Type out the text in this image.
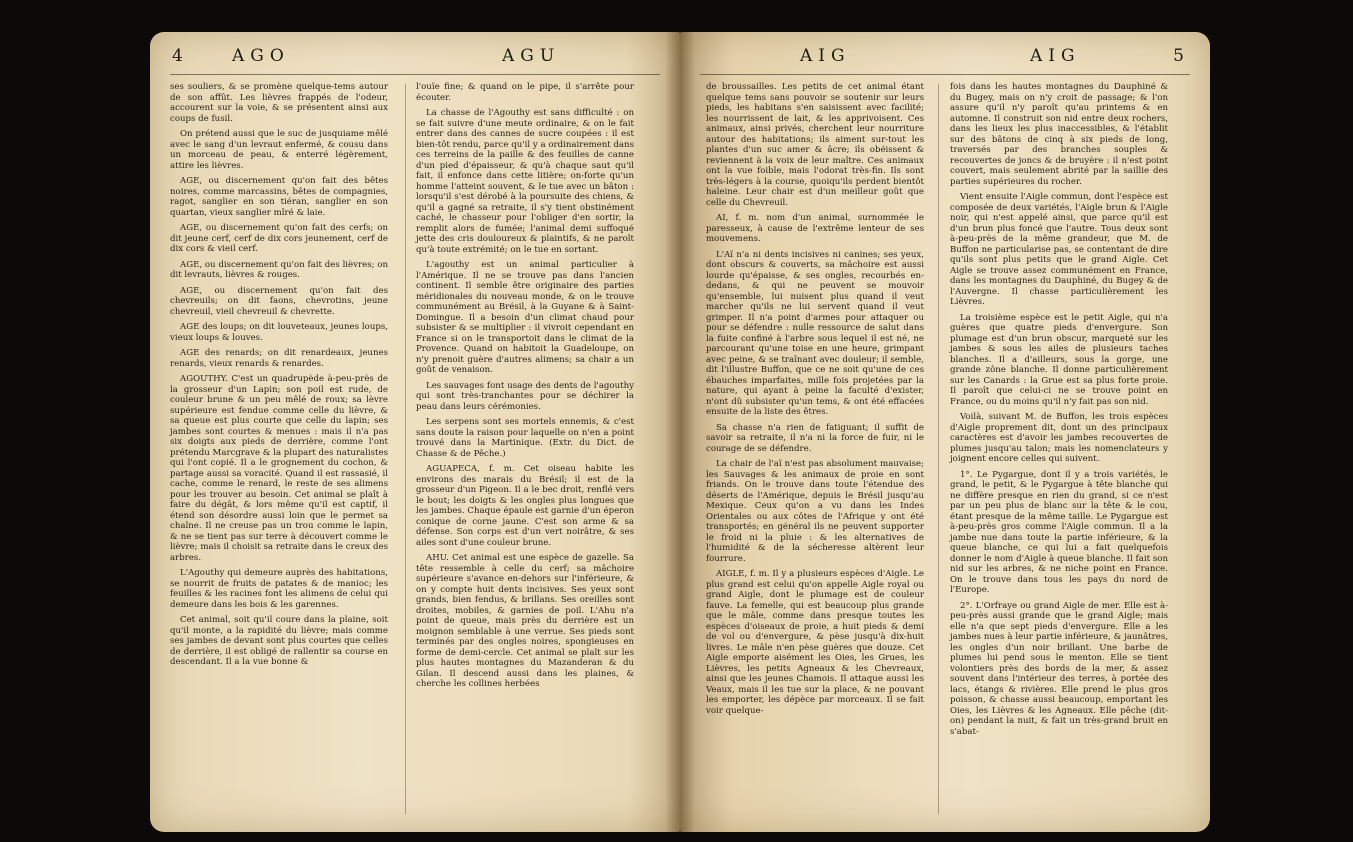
4	AGO	AGU

ses souliers, & se promène quelque-tems autour de son affût. Les lièvres frappés de l'odeur, accourent sur la voie, & se présentent ainsi aux coups de fusil.

On prétend aussi que le suc de jusquiame mêlé avec le sang d'un levraut enfermé, & cousu dans un morceau de peau, & enterré légèrement, attire les lièvres.

AGE, ou discernement qu'on fait des bêtes noires, comme marcassins, bêtes de compagnies, ragot, sanglier en son tiéran, sanglier en son quartan, vieux sanglier mîré & laie.

AGE, ou discernement qu'on fait des cerfs; on dit jeune cerf, cerf de dix cors jeunement, cerf de dix cors & vieil cerf.

AGE, ou discernement qu'on fait des lièvres; on dit levrauts, lièvres & rouges.

AGE, ou discernement qu'on fait des chevreuils; on dit faons, chevrotins, jeune chevreuil, vieil chevreuil & chevrette.

AGE des loups; on dit louveteaux, jeunes loups, vieux loups & louves.

AGE des renards; on dit renardeaux, jeunes renards, vieux renards & renardes.

AGOUTHY. C'est un quadrupède à-peu-près de la grosseur d'un Lapin; son poil est rude, de couleur brune & un peu mêlé de roux; sa lèvre supérieure est fendue comme celle du lièvre, & sa queue est plus courte que celle du lapin; ses jambes sont courtes & menues : mais il n'a pas six doigts aux pieds de derrière, comme l'ont prétendu Marcgrave & la plupart des naturalistes qui l'ont copié. Il a le grognement du cochon, & partage aussi sa voracité. Quand il est rassasié, il cache, comme le renard, le reste de ses alimens pour les trouver au besoin. Cet animal se plaît à faire du dégât, & lors même qu'il est captif, il étend son désordre aussi loin que le permet sa chaîne. Il ne creuse pas un trou comme le lapin, & ne se tient pas sur terre à découvert comme le lièvre; mais il choisit sa retraite dans le creux des arbres.

L'Agouthy qui demeure auprès des habitations, se nourrit de fruits de patates & de manioc; les feuilles & les racines font les alimens de celui qui demeure dans les bois & les garennes.

Cet animal, soit qu'il coure dans la plaine, soit qu'il monte, a la rapidité du lièvre; mais comme ses jambes de devant sont plus courtes que celles de derrière, il est obligé de rallentir sa course en descendant. Il a la vue bonne &

l'ouïe fine; & quand on le pipe, il s'arrête pour écouter.

La chasse de l'Agouthy est sans difficulté : on se fait suivre d'une meute ordinaire, & on le fait entrer dans des cannes de sucre coupées : il est bien-tôt rendu, parce qu'il y a ordinairement dans ces terreins de la paille & des feuilles de canne d'un pied d'épaisseur, & qu'à chaque saut qu'il fait, il enfonce dans cette litière; on-forte qu'un homme l'atteint souvent, & le tue avec un bâton : lorsqu'il s'est dérobé à la poursuite des chiens, & qu'il a gagné sa retraite, il s'y tient obstinément caché, le chasseur pour l'obliger d'en sortir, la remplit alors de fumée; l'animal demi suffoqué jette des cris douloureux & plaintifs, & ne paroît qu'à toute extrémité; on le tue en sortant.

L'agouthy est un animal particulier à l'Amérique. Il ne se trouve pas dans l'ancien continent. Il semble être originaire des parties méridionales du nouveau monde, & on le trouve communément au Brésil, à la Guyane & à Saint-Domingue. Il a besoin d'un climat chaud pour subsister & se multiplier : il vivroit cependant en France si on le transportoit dans le climat de la Provence. Quand on habitoit la Guadeloupe, on n'y prenoit guère d'autres alimens; sa chair a un goût de venaison.

Les sauvages font usage des dents de l'agouthy qui sont très-tranchantes pour se déchirer la peau dans leurs cérémonies.

Les serpens sont ses mortels ennemis, & c'est sans doute la raison pour laquelle on n'en a point trouvé dans la Martinique. (Extr. du Dict. de Chasse & de Pêche.)

AGUAPECA, f. m. Cet oiseau habite les environs des marais du Brésil; il est de la grosseur d'un Pigeon. Il a le bec droit, renflé vers le bout; les doigts & les ongles plus longues que les jambes. Chaque épaule est garnie d'un éperon conique de corne jaune. C'est son arme & sa défense. Son corps est d'un vert noirâtre, & ses ailes sont d'une couleur brune.

AHU. Cet animal est une espèce de gazelle. Sa tête ressemble à celle du cerf; sa mâchoire supérieure s'avance en-dehors sur l'inférieure, & on y compte huit dents incisives. Ses yeux sont grands, bien fendus, & brillans. Ses oreilles sont droites, mobiles, & garnies de poil. L'Ahu n'a point de queue, mais près du derrière est un moignon semblable à une verrue. Ses pieds sont terminés par des ongles noires, spongieuses en forme de demi-cercle. Cet animal se plaît sur les plus hautes montagnes du Mazanderan & du Gilan. Il descend aussi dans les plaines, & cherche les collines herbées

AIG	AIG	5

de broussailles. Les petits de cet animal étant quelque tems sans pouvoir se soutenir sur leurs pieds, les habitans s'en saisissent avec facilité; les nourrissent de lait, & les apprivoisent. Ces animaux, ainsi privés, cherchent leur nourriture autour des habitations; ils aiment sur-tout les plantes d'un suc amer & âcre; ils obéissent & reviennent à la voix de leur maître. Ces animaux ont la vue foible, mais l'odorat très-fin. Ils sont très-légers à la course, quoiqu'ils perdent bientôt haleine. Leur chair est d'un meilleur goût que celle du Chevreuil.

AI, f. m. nom d'un animal, surnommée le paresseux, à cause de l'extrême lenteur de ses mouvemens.

L'Aï n'a ni dents incisives ni canines; ses yeux, dont obscurs & couverts, sa mâchoire est aussi lourde qu'épaisse, & ses ongles, recourbés en-dedans, & qui ne peuvent se mouvoir qu'ensemble, lui nuisent plus quand il veut marcher qu'ils ne lui servent quand il veut grimper. Il n'a point d'armes pour attaquer ou pour se défendre : nulle ressource de salut dans la fuite confiné à l'arbre sous lequel il est né, ne parcourant qu'une toise en une heure, grimpant avec peine, & se traînant avec douleur; il semble, dit l'illustre Buffon, que ce ne soit qu'une de ces ébauches imparfaites, mille fois projetées par la nature, qui ayant à peine la faculté d'exister, n'ont dû subsister qu'un tems, & ont été effacées ensuite de la liste des êtres.

Sa chasse n'a rien de fatiguant; il suffit de savoir sa retraite, il n'a ni la force de fuir, ni le courage de se défendre.

La chair de l'aï n'est pas absolument mauvaise; les Sauvages & les animaux de proie en sont friands. On le trouve dans toute l'étendue des déserts de l'Amérique, depuis le Brésil jusqu'au Mexique. Ceux qu'on a vu dans les Indes Orientales ou aux côtes de l'Afrique y ont été transportés; en général ils ne peuvent supporter le froid ni la pluie : & les alternatives de l'humidité & de la sécheresse altèrent leur fourrure.

AIGLE, f. m. Il y a plusieurs espèces d'Aigle. Le plus grand est celui qu'on appelle Aigle royal ou grand Aigle, dont le plumage est de couleur fauve. La femelle, qui est beaucoup plus grande que le mâle, comme dans presque toutes les espèces d'oiseaux de proie, a huit pieds & demi de vol ou d'envergure, & pèse jusqu'à dix-huit livres. Le mâle n'en pèse guères que douze. Cet Aigle emporte aisément les Oies, les Grues, les Lièvres, les petits Agneaux & les Chevreaux, ainsi que les jeunes Chamois. Il attaque aussi les Veaux, mais il les tue sur la place, & ne pouvant les emporter, les dépèce par morceaux. Il se fait voir quelque-

fois dans les hautes montagnes du Dauphiné & du Bugey, mais on n'y croit de passage; & l'on assure qu'il n'y paroît qu'au printems & en automne. Il construit son nid entre deux rochers, dans les lieux les plus inaccessibles, & l'établit sur des bâtons de cinq à six pieds de long, traversés par des branches souples & recouvertes de joncs & de bruyère : il n'est point couvert, mais seulement abrité par la saillie des parties supérieures du rocher.

Vient ensuite l'Aigle commun, dont l'espèce est composée de deux variétés, l'Aigle brun & l'Aigle noir, qui n'est appelé ainsi, que parce qu'il est d'un brun plus foncé que l'autre. Tous deux sont à-peu-près de la même grandeur, que M. de Buffon ne particularise pas, se contentant de dire qu'ils sont plus petits que le grand Aigle. Cet Aigle se trouve assez communément en France, dans les montagnes du Dauphiné, du Bugey & de l'Auvergne. Il chasse particulièrement les Lièvres.

La troisième espèce est le petit Aigle, qui n'a guères que quatre pieds d'envergure. Son plumage est d'un brun obscur, marqueté sur les jambes & sous les ailes de plusieurs taches blanches. Il a d'ailleurs, sous la gorge, une grande zône blanche. Il donne particulièrement sur les Canards : la Grue est sa plus forte proie. Il paroît que celui-ci ne se trouve point en France, ou du moins qu'il n'y fait pas son nid.

Voilà, suivant M. de Buffon, les trois espèces d'Aigle proprement dit, dont un des principaux caractères est d'avoir les jambes recouvertes de plumes jusqu'au talon; mais les nomenclateurs y joignent encore celles qui suivent.

1°. Le Pygargue, dont il y a trois variétés, le grand, le petit, & le Pygargue à tête blanche qui ne diffère presque en rien du grand, si ce n'est par un peu plus de blanc sur la tête & le cou, étant presque de la même taille. Le Pygargue est à-peu-près gros comme l'Aigle commun. Il a la jambe nue dans toute la partie inférieure, & la queue blanche, ce qui lui a fait quelquefois donner le nom d'Aigle à queue blanche. Il fait son nid sur les arbres, & ne niche point en France. On le trouve dans tous les pays du nord de l'Europe.

2°. L'Orfraye ou grand Aigle de mer. Elle est à-peu-près aussi grande que le grand Aigle; mais elle n'a que sept pieds d'envergure. Elle a les jambes nues à leur partie inférieure, & jaunâtres, les ongles d'un noir brillant. Une barbe de plumes lui pend sous le menton. Elle se tient volontiers près des bords de la mer, & assez souvent dans l'intérieur des terres, à portée des lacs, étangs & rivières. Elle prend le plus gros poisson, & chasse aussi beaucoup, emportant les Oies, les Lièvres & les Agneaux. Elle pêche (dit-on) pendant la nuit, & fait un très-grand bruit en s'abat-
